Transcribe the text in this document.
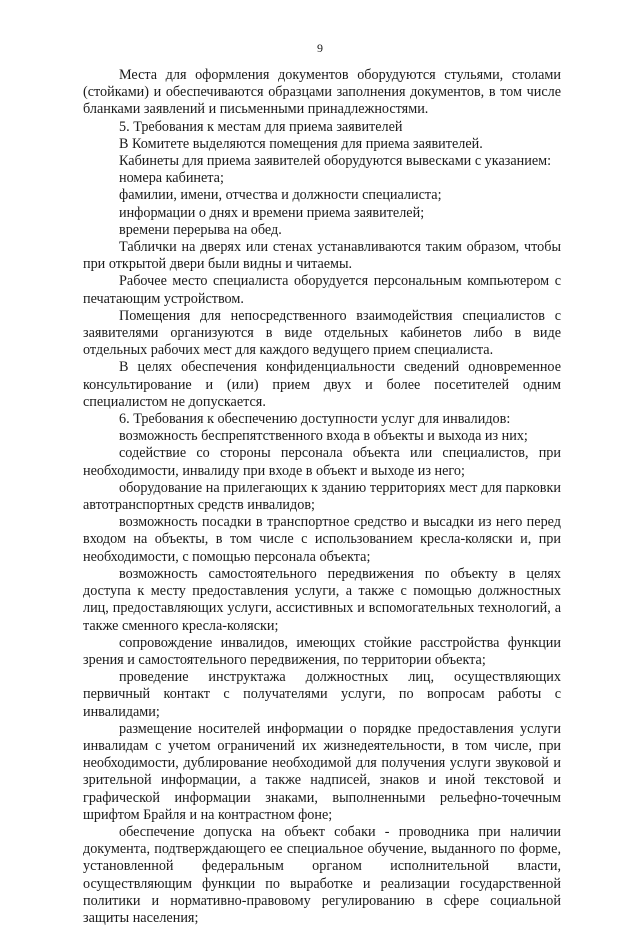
9

Места для оформления документов оборудуются стульями, столами (стойками) и обеспечиваются образцами заполнения документов, в том числе бланками заявлений и письменными принадлежностями.

5. Требования к местам для приема заявителей

В Комитете выделяются помещения для приема заявителей.

Кабинеты для приема заявителей оборудуются вывесками с указанием:

номера кабинета;

фамилии, имени, отчества и должности специалиста;

информации о днях и времени приема заявителей;

времени перерыва на обед.

Таблички на дверях или стенах устанавливаются таким образом, чтобы при открытой двери были видны и читаемы.

Рабочее место специалиста оборудуется персональным компьютером с печатающим устройством.

Помещения для непосредственного взаимодействия специалистов с заявителями организуются в виде отдельных кабинетов либо в виде отдельных рабочих мест для каждого ведущего прием специалиста.

В целях обеспечения конфиденциальности сведений одновременное консультирование и (или) прием двух и более посетителей одним специалистом не допускается.

6. Требования к обеспечению доступности услуг для инвалидов:

возможность беспрепятственного входа в объекты и выхода из них;

содействие со стороны персонала объекта или специалистов, при необходимости, инвалиду при входе в объект и выходе из него;

оборудование на прилегающих к зданию территориях мест для парковки автотранспортных средств инвалидов;

возможность посадки в транспортное средство и высадки из него перед входом на объекты, в том числе с использованием кресла-коляски и, при необходимости, с помощью персонала объекта;

возможность самостоятельного передвижения по объекту в целях доступа к месту предоставления услуги, а также с помощью должностных лиц, предоставляющих услуги, ассистивных и вспомогательных технологий, а также сменного кресла-коляски;

сопровождение инвалидов, имеющих стойкие расстройства функции зрения и самостоятельного передвижения, по территории объекта;

проведение инструктажа должностных лиц, осуществляющих первичный контакт с получателями услуги, по вопросам работы с инвалидами;

размещение носителей информации о порядке предоставления услуги инвалидам с учетом ограничений их жизнедеятельности, в том числе, при необходимости, дублирование необходимой для получения услуги звуковой и зрительной информации, а также надписей, знаков и иной текстовой и графической информации знаками, выполненными рельефно-точечным шрифтом Брайля и на контрастном фоне;

обеспечение допуска на объект собаки - проводника при наличии документа, подтверждающего ее специальное обучение, выданного по форме, установленной федеральным органом исполнительной власти, осуществляющим функции по выработке и реализации государственной политики и нормативно-правовому регулированию в сфере социальной защиты населения;
